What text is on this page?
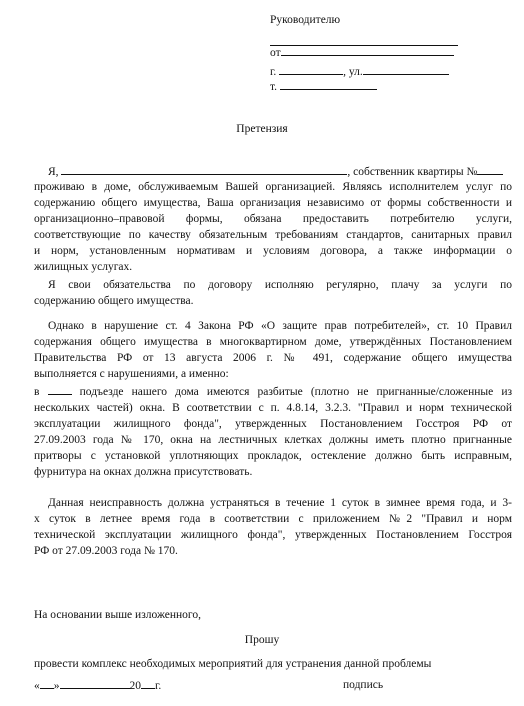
Руководителю
от
г.	, ул.
т.
Претензия
Я,	, собственник квартиры №
проживаю в доме, обслуживаемым Вашей организацией. Являясь исполнителем услуг по
содержанию общего имущества, Ваша организация независимо от формы собственности и
организационно–правовой формы, обязана предоставить потребителю услуги,
соответствующие по качеству обязательным требованиям стандартов, санитарных правил
и норм, установленным нормативам и условиям договора, а также информации о
жилищных услугах.
Я свои обязательства по договору исполняю регулярно, плачу за услуги по
содержанию общего имущества.
Однако в нарушение ст. 4 Закона РФ «О защите прав потребителей», ст. 10 Правил
содержания общего имущества в многоквартирном доме, утверждённых Постановлением
Правительства РФ от 13 августа 2006 г. № 491, содержание общего имущества
выполняется с нарушениями, а именно:
в	подъезде нашего дома имеются разбитые (плотно не пригнанные/сложенные из
нескольких частей) окна. В соответствии с п. 4.8.14, 3.2.3. "Правил и норм технической
эксплуатации жилищного фонда", утвержденных Постановлением Госстроя РФ от
27.09.2003 года № 170, окна на лестничных клетках должны иметь плотно пригнанные
притворы с установкой уплотняющих прокладок, остекление должно быть исправным,
фурнитура на окнах должна присутствовать.
Данная неисправность должна устраняться в течение 1 суток в зимнее время года, и 3-
х суток в летнее время года в соответствии с приложением №2 "Правил и норм
технической эксплуатации жилищного фонда", утвержденных Постановлением Госстроя
РФ от 27.09.2003 года № 170.
На основании выше изложенного,
Прошу
провести комплекс необходимых мероприятий для устранения данной проблемы
« »	20 г.	подпись
